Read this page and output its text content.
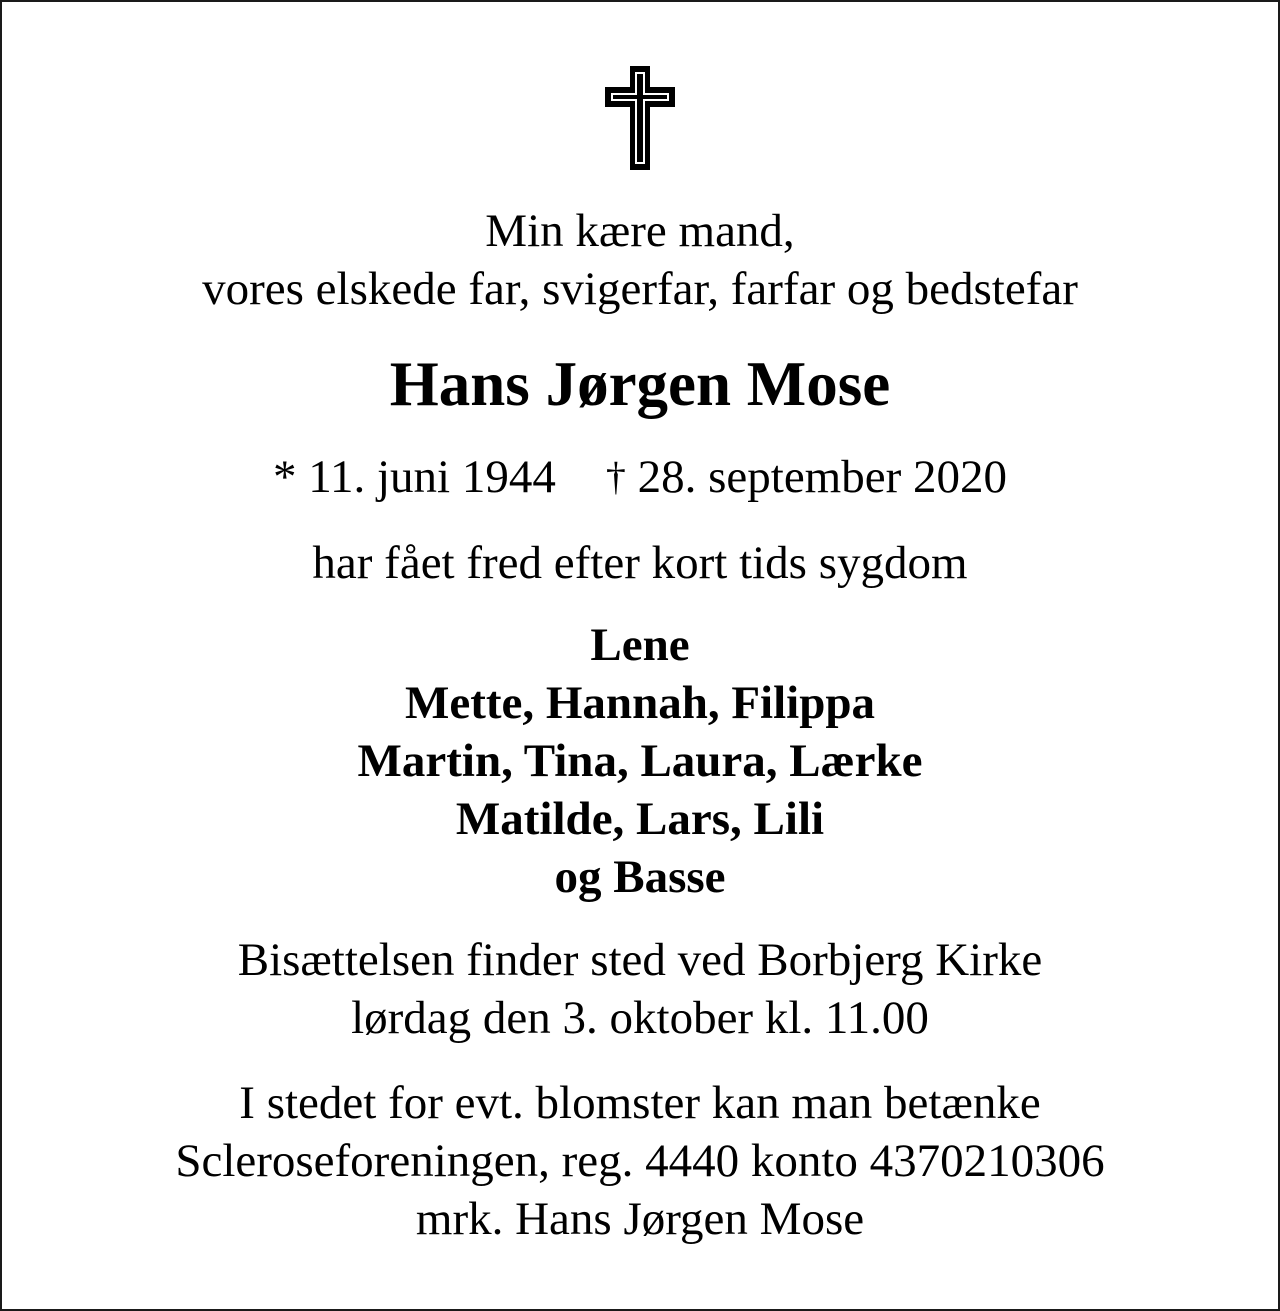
Min kære mand,
vores elskede far, svigerfar, farfar og bedstefar
Hans Jørgen Mose
* 11. juni 1944 † 28. september 2020
har fået fred efter kort tids sygdom
Lene
Mette, Hannah, Filippa
Martin, Tina, Laura, Lærke
Matilde, Lars, Lili
og Basse
Bisættelsen finder sted ved Borbjerg Kirke
lørdag den 3. oktober kl. 11.00
I stedet for evt. blomster kan man betænke
Scleroseforeningen, reg. 4440 konto 4370210306
mrk. Hans Jørgen Mose
